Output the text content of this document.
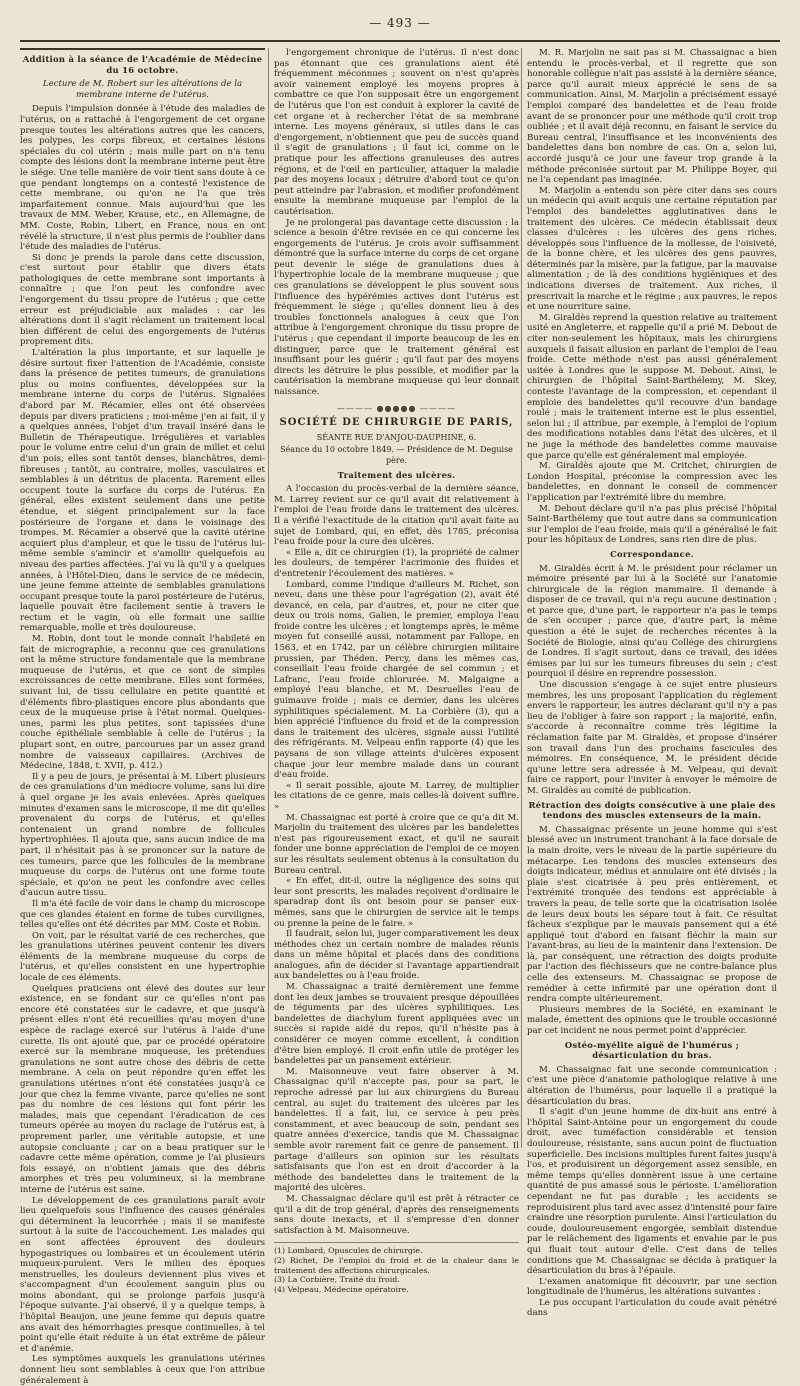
— 493 —
Addition à la séance de l'Académie de Médecine du 16 octobre.
Lecture de M. Robert sur les altérations de la membrane interne de l'utérus.

Depuis l'impulsion donnée à l'étude des maladies de l'utérus, on a rattaché à l'engorgement de cet organe presque toutes les altérations autres que les cancers, les polypes, les corps fibreux, et certaines lésions spéciales du col utérin ; mais nulle part on n'a tenu compte des lésions dont la membrane interne peut être le siége. Une telle manière de voir tient sans doute à ce que pendant longtemps on a contesté l'existence de cette membrane, ou qu'on ne l'a que très imparfaitement connue. Mais aujourd'hui que les travaux de MM. Weber, Krause, etc., en Allemagne, de MM. Coste, Robin, Libert, en France, nous en ont révélé la structure, il n'est plus permis de l'oublier dans l'étude des maladies de l'utérus.

Si donc je prends la parole dans cette discussion, c'est surtout pour établir que divers états pathologiques de cette membrane sont importants à connaître ; que l'on peut les confondre avec l'engorgement du tissu propre de l'utérus ; que cette erreur est préjudiciable aux malades : car les altérations dont il s'agit réclament un traitement local bien différent de celui des engorgements de l'utérus proprement dits.

L'altération la plus importante, et sur laquelle je désire surtout fixer l'attention de l'Académie, consiste dans la présence de petites tumeurs, de granulations plus ou moins confluentes, développées sur la membrane interne du corps de l'utérus. Signalées d'abord par M. Récamier, elles ont été observées depuis par divers praticiens ; moi-même j'en ai fait, il y a quelques années, l'objet d'un travail inséré dans le Bulletin de Thérapeutique. Irrégulières et variables pour le volume entre celui d'un grain de millet et celui d'un pois, elles sont tantôt denses, blanchâtres, demi-fibreuses ; tantôt, au contraire, molles, vasculaires et semblables à un détritus de placenta. Rarement elles occupent toute la surface du corps de l'utérus. En général, elles existent seulement dans une petite étendue, et siégent principalement sur la face postérieure de l'organe et dans le voisinage des trompes. M. Récamier a observé que la cavité utérine acquiert plus d'ampleur, et que le tissu de l'utérus lui-même semble s'amincir et s'amollir quelquefois au niveau des parties affectées. J'ai vu là qu'il y a quelques années, à l'Hôtel-Dieu, dans le service de ce médecin, une jeune femme atteinte de semblables granulations occupant presque toute la paroi postérieure de l'utérus, laquelle pouvait être facilement sentie à travers le rectum et le vagin, où elle formait une saillie remarquable, molle et très douloureuse.

M. Robin, dont tout le monde connaît l'habileté en fait de micrographie, a reconnu que ces granulations ont la même structure fondamentale que la membrane muqueuse de l'utérus, et que ce sont de simples excroissances de cette membrane. Elles sont formées, suivant lui, de tissu cellulaire en petite quantité et d'éléments fibro-plastiques encore plus abondants que ceux de la muqueuse prise à l'état normal. Quelques-unes, parmi les plus petites, sont tapissées d'une couche épithéliale semblable à celle de l'utérus ; la plupart sont, en outre, parcourues par un assez grand nombre de vaisseaux capillaires. (Archives de Médecine, 1848, t. XVII, p. 412.)

Il y a peu de jours, je présentai à M. Libert plusieurs de ces granulations d'un médiocre volume, sans lui dire à quel organe je les avais enlevées. Après quelques minutes d'examen sans le microscope, il me dit qu'elles provenaient du corps de l'utérus, et qu'elles contenaient un grand nombre de follicules hypertrophiées. Il ajouta que, sans aucun indice de ma part, il n'hésitait pas à se prononcer sur la nature de ces tumeurs, parce que les follicules de la membrane muqueuse du corps de l'utérus ont une forme toute spéciale, et qu'on ne peut les confondre avec celles d'aucun autre tissu.

Il m'a été facile de voir dans le champ du microscope que ces glandes étaient en forme de tubes curvilignes, telles qu'elles ont été décrites par MM. Coste et Robin.

On voit, par le résultat varié de ces recherches, que les granulations utérines peuvent contenir les divers éléments de la membrane muqueuse du corps de l'utérus, et qu'elles consistent en une hypertrophie locale de ces éléments.

Quelques praticiens ont élevé des doutes sur leur existence, en se fondant sur ce qu'elles n'ont pas encore été constatées sur le cadavre, et que jusqu'à présent elles n'ont été recueillies qu'au moyen d'une espèce de raclage exercé sur l'utérus à l'aide d'une curette. Ils ont ajouté que, par ce procédé opératoire exercé sur la membrane muqueuse, les prétendues granulations ne sont autre chose des débris de cette membrane. A cela on peut répondre qu'en effet les granulations utérines n'ont été constatées jusqu'à ce jour que chez la femme vivante, parce qu'elles ne sont pas du nombre de ces lésions qui font périr les malades, mais que cependant l'éradication de ces tumeurs opérée au moyen du raclage de l'utérus est, à proprement parler, une véritable autopsie, et une autopsie concluante ; car on a beau pratiquer sur le cadavre cette même opération, comme je l'ai plusieurs fois essayé, on n'obtient jamais que des débris amorphes et très peu volumineux, si la membrane interne de l'utérus est saine.

Le développement de ces granulations paraît avoir lieu quelquefois sous l'influence des causes générales qui déterminent la leucorrhée ; mais il se manifeste surtout à la suite de l'accouchement. Les malades qui en sont affectées éprouvent des douleurs hypogastriques ou lombaires et un écoulement utérin muqueux-purulent. Vers le milieu des époques menstruelles, les douleurs deviennent plus vives et s'accompagnent d'un écoulement sanguin plus ou moins abondant, qui se prolonge parfois jusqu'à l'époque suivante. J'ai observé, il y a quelque temps, à l'hôpital Beaujon, une jeune femme qui depuis quatre ans avait des hémorrhagies presque continuelles, à tel point qu'elle était réduite à un état extrême de pâleur et d'anémie.

Les symptômes auxquels les granulations utérines donnent lieu sont semblables à ceux que l'on attribue généralement à

l'engorgement chronique de l'utérus. Il n'est donc pas étonnant que ces granulations aient été fréquemment méconnues ; souvent on n'est qu'après avoir vainement employé les moyens propres à combattre ce que l'on supposait être un engorgement de l'utérus que l'on est conduit à explorer la cavité de cet organe et à rechercher l'état de sa membrane interne. Les moyens généraux, si utiles dans le cas d'engorgement, n'obtiennent que peu de succès quand il s'agit de granulations ; il faut ici, comme on le pratique pour les affections granuleuses des autres régions, et de l'œil en particulier, attaquer la maladie par des moyens locaux ; détruire d'abord tout ce qu'on peut atteindre par l'abrasion, et modifier profondément ensuite la membrane muqueuse par l'emploi de la cautérisation.

Je ne prolongerai pas davantage cette discussion : la science a besoin d'être revisée en ce qui concerne les engorgements de l'utérus. Je crois avoir suffisamment démontré que la surface interne du corps de cet organe peut devenir le siége de granulations dues à l'hypertrophie locale de la membrane muqueuse ; que ces granulations se développent le plus souvent sous l'influence des hypérémies actives dont l'utérus est fréquemment le siége ; qu'elles donnent lieu à des troubles fonctionnels analogues à ceux que l'on attribue à l'engorgement chronique du tissu propre de l'utérus ; que cependant il importe beaucoup de les en distinguer, parce que le traitement général est insuffisant pour les guérir ; qu'il faut par des moyens directs les détruire le plus possible, et modifier par la cautérisation la membrane muqueuse qui leur donnait naissance.

———— ●●●●● ————
SOCIÉTÉ DE CHIRURGIE DE PARIS,
SÉANTE RUE D'ANJOU-DAUPHINE, 6.
Séance du 10 octobre 1849. — Présidence de M. Deguise père.
Traitement des ulcères.

A l'occasion du procès-verbal de la dernière séance, M. Larrey revient sur ce qu'il avait dit relativement à l'emploi de l'eau froide dans le traitement des ulcères. Il a vérifié l'exactitude de la citation qu'il avait faite au sujet de Lombard, qui, en effet, dès 1785, préconisa l'eau froide pour la cure des ulcères.

« Elle a, dit ce chirurgien (1), la propriété de calmer les douleurs, de tempérer l'acrimonie des fluides et d'entretenir l'écoulement des matières. »

Lombard, comme l'indique d'ailleurs M. Richet, son neveu, dans une thèse pour l'agrégation (2), avait été devancé, en cela, par d'autres, et, pour ne citer que deux ou trois noms, Galien, le premier, employa l'eau froide contre les ulcères ; et longtemps après, le même moyen fut conseillé aussi, notamment par Fallope, en 1563, et en 1742, par un célèbre chirurgien militaire prussien, par Théden. Percy, dans les mêmes cas, conseillait l'eau froide chargée de sel commun ; et Lafranc, l'eau froide chlorurée. M. Malgaigne a employé l'eau blanche, et M. Desruelles l'eau de guimauve froide ; mais ce dernier, dans les ulcères syphilitiques spécialement. M. La Corbière (3), qui a bien apprécié l'influence du froid et de la compression dans le traitement des ulcères, signale aussi l'utilité des réfrigérants. M. Velpeau enfin rapporte (4) que les paysans de son village atteints d'ulcères exposent chaque jour leur membre malade dans un courant d'eau froide.

« Il serait possible, ajoute M. Larrey, de multiplier les citations de ce genre, mais celles-là doivent suffire. »

M. Chassaignac est porté à croire que ce qu'a dit M. Marjolin du traitement des ulcères par les bandelettes n'est pas rigoureusement exact, et qu'il ne saurait fonder une bonne appréciation de l'emploi de ce moyen sur les résultats seulement obtenus à la consultation du Bureau central.

« En effet, dit-il, outre la négligence des soins qui leur sont prescrits, les malades reçoivent d'ordinaire le sparadrap dont ils ont besoin pour se panser eux-mêmes, sans que le chirurgien de service ait le temps ou prenne la peine de le faire. »

Il faudrait, selon lui, juger comparativement les deux méthodes chez un certain nombre de malades réunis dans un même hôpital et placés dans des conditions analogues, afin de décider si l'avantage appartiendrait aux bandelettes ou à l'eau froide.

M. Chassaignac a traité dernièrement une femme dont les deux jambes se trouvaient presque dépouillées de téguments par des ulcères syphilitiques. Les bandelettes de diachylum furent appliquées avec un succès si rapide aidé du repos, qu'il n'hésite pas à considérer ce moyen comme excellent, à condition d'être bien employé. Il croit enfin utile de protéger les bandelettes par un pansement extérieur.

M. Maisonneuve veut faire observer à M. Chassaignac qu'il n'accepte pas, pour sa part, le reproche adressé par lui aux chirurgiens du Bureau central, au sujet du traitement des ulcères par les bandelettes. Il a fait, lui, ce service à peu près constamment, et avec beaucoup de soin, pendant ses quatre années d'exercice, tandis que M. Chassaignac semble avoir rarement fait ce genre de pansement. Il partage d'ailleurs son opinion sur les résultats satisfaisants que l'on est en droit d'accorder à la méthode des bandelettes dans le traitement de la majorité des ulcères.

M. Chassaignac déclare qu'il est prêt à rétracter ce qu'il a dit de trop général, d'après des renseignements sans doute inexacts, et il s'empresse d'en donner satisfaction à M. Maisonneuve.

(1) Lombard, Opuscules de chirurgie.
(2) Richet, De l'emploi du froid et de la chaleur dans le traitement des affections chirurgicales.
(3) La Corbière, Traité du froid.
(4) Velpeau, Médecine opératoire.

M. R. Marjolin ne sait pas si M. Chassaignac a bien entendu le procès-verbal, et il regrette que son honorable collègue n'ait pas assisté à la dernière séance, parce qu'il aurait mieux apprécié le sens de sa communication. Ainsi, M. Marjolin a précisément essayé l'emploi comparé des bandelettes et de l'eau froide avant de se prononcer pour une méthode qu'il croit trop oubliée ; et il avait déjà reconnu, en faisant le service du Bureau central, l'insuffisance et les inconvénients des bandelettes dans bon nombre de cas. On a, selon lui, accordé jusqu'à ce jour une faveur trop grande à la méthode préconisée surtout par M. Philippe Boyer, qui ne l'a cependant pas imaginée.

M. Marjolin a entendu son père citer dans ses cours un médecin qui avait acquis une certaine réputation par l'emploi des bandelettes agglutinatives dans le traitement des ulcères. Ce médecin établissait deux classes d'ulcères : les ulcères des gens riches, développés sous l'influence de la mollesse, de l'oisiveté, de la bonne chère, et les ulcères des gens pauvres, déterminés par la misère, par la fatigue, par la mauvaise alimentation ; de là des conditions hygiéniques et des indications diverses de traitement. Aux riches, il prescrivait la marche et le régime ; aux pauvres, le repos et une nourriture saine.

M. Giraldès reprend la question relative au traitement usité en Angleterre, et rappelle qu'il a prié M. Debout de citer non-seulement les hôpitaux, mais les chirurgiens auxquels il faisait allusion en parlant de l'emploi de l'eau froide. Cette méthode n'est pas aussi généralement usitée à Londres que le suppose M. Debout. Ainsi, le chirurgien de l'hôpital Saint-Barthélemy, M. Skey, conteste l'avantage de la compression, et cependant il emploie des bandelettes qu'il recouvre d'un bandage roulé ; mais le traitement interne est le plus essentiel, selon lui ; il attribue, par exemple, à l'emploi de l'opium des modifications notables dans l'état des ulcères, et il ne juge la méthode des bandelettes comme mauvaise que parce qu'elle est généralement mal employée.

M. Giraldès ajoute que M. Critchet, chirurgien de London Hospital, préconise la compression avec les bandelettes, en donnant le conseil de commencer l'application par l'extrémité libre du membre.

M. Debout déclare qu'il n'a pas plus précisé l'hôpital Saint-Barthélemy que tout autre dans sa communication sur l'emploi de l'eau froide, mais qu'il a généralisé le fait pour les hôpitaux de Londres, sans rien dire de plus.

Correspondance.

M. Giraldès écrit à M. le président pour réclamer un mémoire présenté par lui à la Société sur l'anatomie chirurgicale de la région mammaire. Il demande à disposer de ce travail, qui n'a reçu aucune destination ; et parce que, d'une part, le rapporteur n'a pas le temps de s'en occuper ; parce que, d'autre part, la même question a été le sujet de recherches récentes à la Société de Biologie, ainsi qu'au Collége des chirurgiens de Londres. Il s'agit surtout, dans ce travail, des idées émises par lui sur les tumeurs fibreuses du sein ; c'est pourquoi il désire en reprendre possession.

Une discussion s'engage à ce sujet entre plusieurs membres, les uns proposant l'application du règlement envers le rapporteur, les autres déclarant qu'il n'y a pas lieu de l'obliger à faire son rapport ; la majorité, enfin, s'accorde à reconnaître comme très légitime la réclamation faite par M. Giraldès, et propose d'insérer son travail dans l'un des prochains fascicules des mémoires. En conséquence, M. le président décide qu'une lettre sera adressée à M. Velpeau, qui devait faire ce rapport, pour l'inviter à envoyer le mémoire de M. Giraldès au comité de publication.

Rétraction des doigts consécutive à une plaie des tendons des muscles extenseurs de la main.

M. Chassaignac présente un jeune homme qui s'est blessé avec un instrument tranchant à la face dorsale de la main droite, vers le niveau de la partie supérieure du métacarpe. Les tendons des muscles extenseurs des doigts indicateur, médius et annulaire ont été divisés ; la plaie s'est cicatrisée à peu près entièrement, et l'extrémité tronquée des tendons est appréciable à travers la peau, de telle sorte que la cicatrisation isolée de leurs deux bouts les sépare tout à fait. Ce résultat fâcheux s'explique par le mauvais pansement qui a été appliqué tout d'abord en faisant fléchir la main sur l'avant-bras, au lieu de la maintenir dans l'extension. De là, par conséquent, une rétraction des doigts produite par l'action des fléchisseurs que ne contre-balance plus celle des extenseurs. M. Chassaignac se propose de remédier à cette infirmité par une opération dont il rendra compte ultérieurement.

Plusieurs membres de la Société, en examinant le malade, émettent des opinions que le trouble occasionné par cet incident ne nous permet point d'apprécier.

Ostéo-myélite aiguë de l'humérus ; désarticulation du bras.

M. Chassaignac fait une seconde communication : c'est une pièce d'anatomie pathologique relative à une altération de l'humérus, pour laquelle il a pratiqué la désarticulation du bras.

Il s'agit d'un jeune homme de dix-huit ans entré à l'hôpital Saint-Antoine pour un engorgement du coude droit, avec tuméfaction considérable et tension douloureuse, résistante, sans aucun point de fluctuation superficielle. Des incisions multiples furent faites jusqu'à l'os, et produisirent un dégorgement assez sensible, en même temps qu'elles donnèrent issue à une certaine quantité de pus amassé sous le périoste. L'amélioration cependant ne fut pas durable ; les accidents se reproduisirent plus tard avec assez d'intensité pour faire craindre une résorption purulente. Ainsi l'articulation du coude, douloureusement engorgée, semblait distendue par le relâchement des ligaments et envahie par le pus qui fluait tout autour d'elle. C'est dans de telles conditions que M. Chassaignac se décida à pratiquer la désarticulation du bras à l'épaule.

L'examen anatomique fit découvrir, par une section longitudinale de l'humérus, les altérations suivantes :

Le pus occupant l'articulation du coude avait pénétré dans
